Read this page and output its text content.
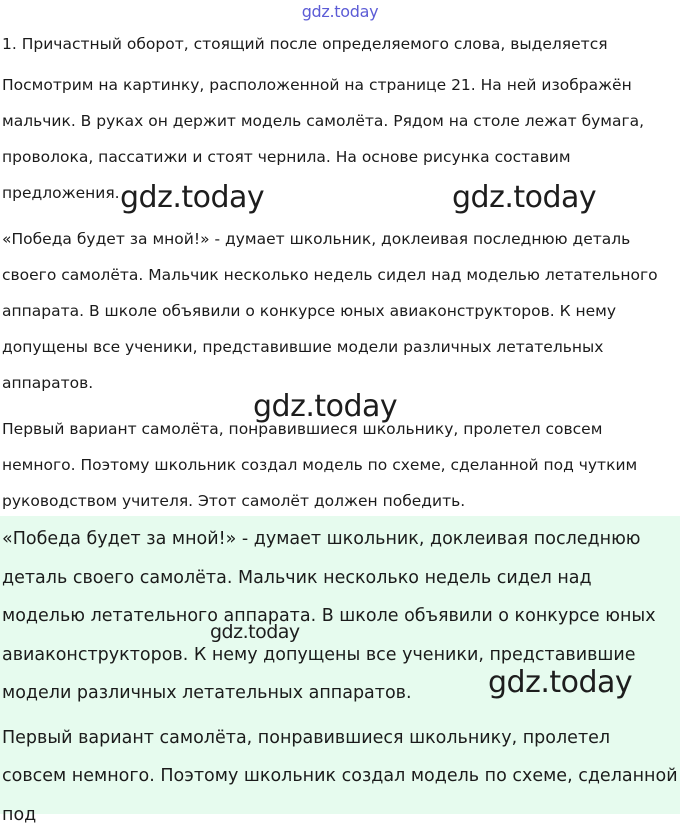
gdz.today

1. Причастный оборот, стоящий после определяемого слова, выделяется

Посмотрим на картинку, расположенной на странице 21. На ней изображён мальчик. В руках он держит модель самолёта. Рядом на столе лежат бумага, проволока, пассатижи и стоят чернила. На основе рисунка составим предложения.

«Победа будет за мной!» - думает школьник, доклеивая последнюю деталь своего самолёта. Мальчик несколько недель сидел над моделью летательного аппарата. В школе объявили о конкурсе юных авиаконструкторов. К нему допущены все ученики, представившие модели различных летательных аппаратов.

Первый вариант самолёта, понравившиеся школьнику, пролетел совсем немного. Поэтому школьник создал модель по схеме, сделанной под чутким руководством учителя. Этот самолёт должен победить.

«Победа будет за мной!» - думает школьник, доклеивая последнюю деталь своего самолёта. Мальчик несколько недель сидел над моделью летательного аппарата. В школе объявили о конкурсе юных авиаконструкторов. К нему допущены все ученики, представившие модели различных летательных аппаратов.

Первый вариант самолёта, понравившиеся школьнику, пролетел совсем немного. Поэтому школьник создал модель по схеме, сделанной под

gdz.today	gdz.today
gdz.today
gdz.today
gdz.today
